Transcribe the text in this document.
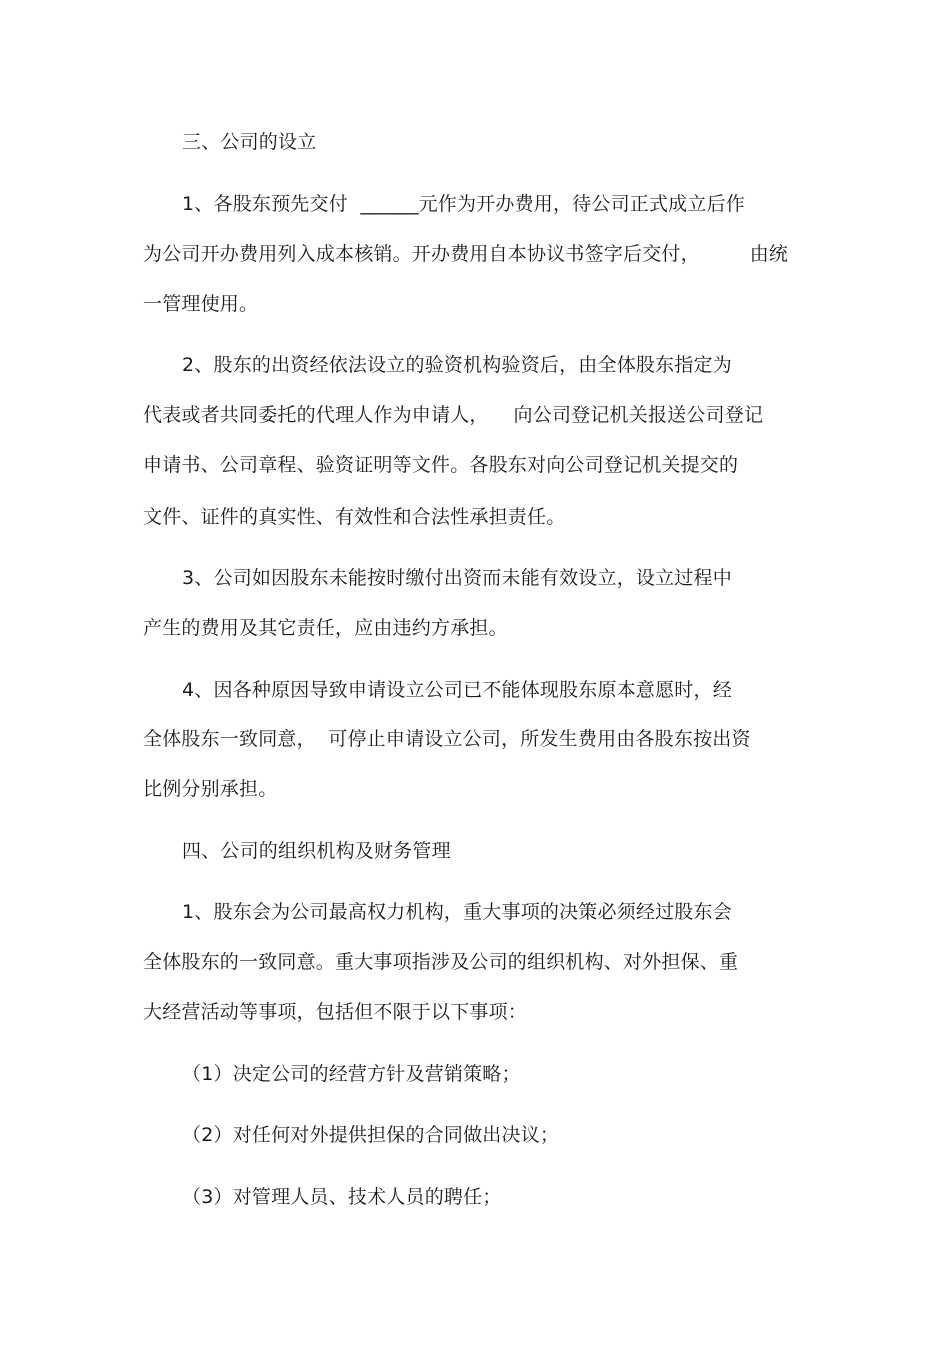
三、公司的设立
1、各股东预先交付  ______元作为开办费用，待公司正式成立后作
为公司开办费用列入成本核销。开办费用自本协议书签字后交付，        由统
一管理使用。
2、股东的出资经依法设立的验资机构验资后，由全体股东指定为
代表或者共同委托的代理人作为申请人，    向公司登记机关报送公司登记
申请书、公司章程、验资证明等文件。各股东对向公司登记机关提交的
文件、证件的真实性、有效性和合法性承担责任。
3、公司如因股东未能按时缴付出资而未能有效设立，设立过程中
产生的费用及其它责任，应由违约方承担。
4、因各种原因导致申请设立公司已不能体现股东原本意愿时，经
全体股东一致同意，  可停止申请设立公司，所发生费用由各股东按出资
比例分别承担。
四、公司的组织机构及财务管理
1、股东会为公司最高权力机构，重大事项的决策必须经过股东会
全体股东的一致同意。重大事项指涉及公司的组织机构、对外担保、重
大经营活动等事项，包括但不限于以下事项：
（1）决定公司的经营方针及营销策略；
（2）对任何对外提供担保的合同做出决议；
（3）对管理人员、技术人员的聘任；
